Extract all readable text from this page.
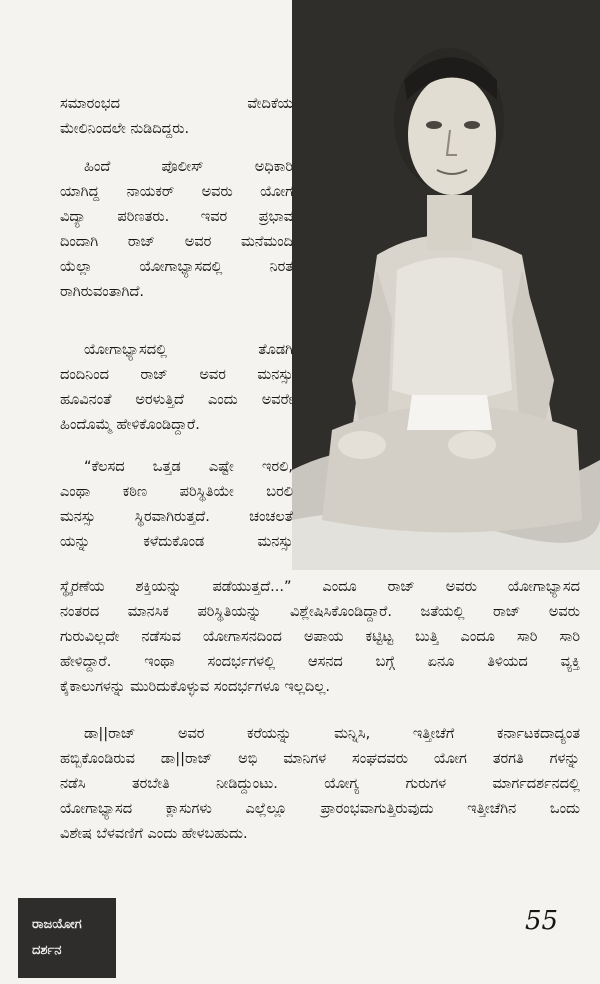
ಸಮಾರಂಭದ ವೇದಿಕೆಯ
ಮೇಲಿನಿಂದಲೇ ನುಡಿದಿದ್ದರು.
ಹಿಂದೆ ಪೊಲೀಸ್ ಅಧಿಕಾರಿ
ಯಾಗಿದ್ದ ನಾಯಕರ್ ಅವರು ಯೋಗ
ವಿದ್ಯಾ ಪರಿಣತರು. ಇವರ ಪ್ರಭಾವ
ದಿಂದಾಗಿ ರಾಜ್ ಅವರ ಮನೆಮಂದಿ
ಯೆಲ್ಲಾ ಯೋಗಾಭ್ಯಾಸದಲ್ಲಿ ನಿರತ
ರಾಗಿರುವಂತಾಗಿದೆ.
ಯೋಗಾಭ್ಯಾಸದಲ್ಲಿ ತೊಡಗಿ
ದಂದಿನಿಂದ ರಾಜ್ ಅವರ ಮನಸ್ಸು
ಹೂವಿನಂತೆ ಅರಳುತ್ತಿದೆ ಎಂದು ಅವರೇ
ಹಿಂದೊಮ್ಮೆ ಹೇಳಿಕೊಂಡಿದ್ದಾರೆ.
“ಕೆಲಸದ ಒತ್ತಡ ಎಷ್ಟೇ ಇರಲಿ,
ಎಂಥಾ ಕಠಿಣ ಪರಿಸ್ಥಿತಿಯೇ ಬರಲಿ
ಮನಸ್ಸು ಸ್ಥಿರವಾಗಿರುತ್ತದೆ. ಚಂಚಲತೆ
ಯನ್ನು ಕಳೆದುಕೊಂಡ ಮನಸ್ಸು
ಸ್ಥೈರಣೆಯ ಶಕ್ತಿಯನ್ನು ಪಡೆಯುತ್ತದೆ...” ಎಂದೂ ರಾಜ್ ಅವರು ಯೋಗಾಭ್ಯಾಸದ
ನಂತರದ ಮಾನಸಿಕ ಪರಿಸ್ಥಿತಿಯನ್ನು ವಿಶ್ಲೇಷಿಸಿಕೊಂಡಿದ್ದಾರೆ. ಜತೆಯಲ್ಲಿ ರಾಜ್ ಅವರು
ಗುರುವಿಲ್ಲದೇ ನಡೆಸುವ ಯೋಗಾಸನದಿಂದ ಅಪಾಯ ಕಟ್ಟಿಟ್ಟ ಬುತ್ತಿ ಎಂದೂ ಸಾರಿ ಸಾರಿ
ಹೇಳಿದ್ದಾರೆ. ಇಂಥಾ ಸಂದರ್ಭಗಳಲ್ಲಿ ಆಸನದ ಬಗ್ಗೆ ಏನೂ ತಿಳಿಯದ ವ್ಯಕ್ತಿ
ಕೈಕಾಲುಗಳನ್ನು ಮುರಿದುಕೊಳ್ಳುವ ಸಂದರ್ಭಗಳೂ ಇಲ್ಲದಿಲ್ಲ.
ಡಾ||ರಾಜ್ ಅವರ ಕರೆಯನ್ನು ಮನ್ನಿಸಿ, ಇತ್ತೀಚೆಗೆ ಕರ್ನಾಟಕದಾದ್ಯಂತ
ಹಬ್ಬಿಕೊಂಡಿರುವ ಡಾ||ರಾಜ್ ಅಭಿ ಮಾನಿಗಳ ಸಂಘದವರು ಯೋಗ ತರಗತಿ ಗಳನ್ನು
ನಡೆಸಿ ತರಬೇತಿ ನೀಡಿದ್ದುಂಟು. ಯೋಗ್ಯ ಗುರುಗಳ ಮಾರ್ಗದರ್ಶನದಲ್ಲಿ
ಯೋಗಾಭ್ಯಾಸದ ಕ್ಲಾಸುಗಳು ಎಲ್ಲೆಲ್ಲೂ ಪ್ರಾರಂಭವಾಗುತ್ತಿರುವುದು ಇತ್ತೀಚೆಗಿನ ಒಂದು
ವಿಶೇಷ ಬೆಳವಣಿಗೆ ಎಂದು ಹೇಳಬಹುದು.
ರಾಜಯೋಗ
ದರ್ಶನ
55
